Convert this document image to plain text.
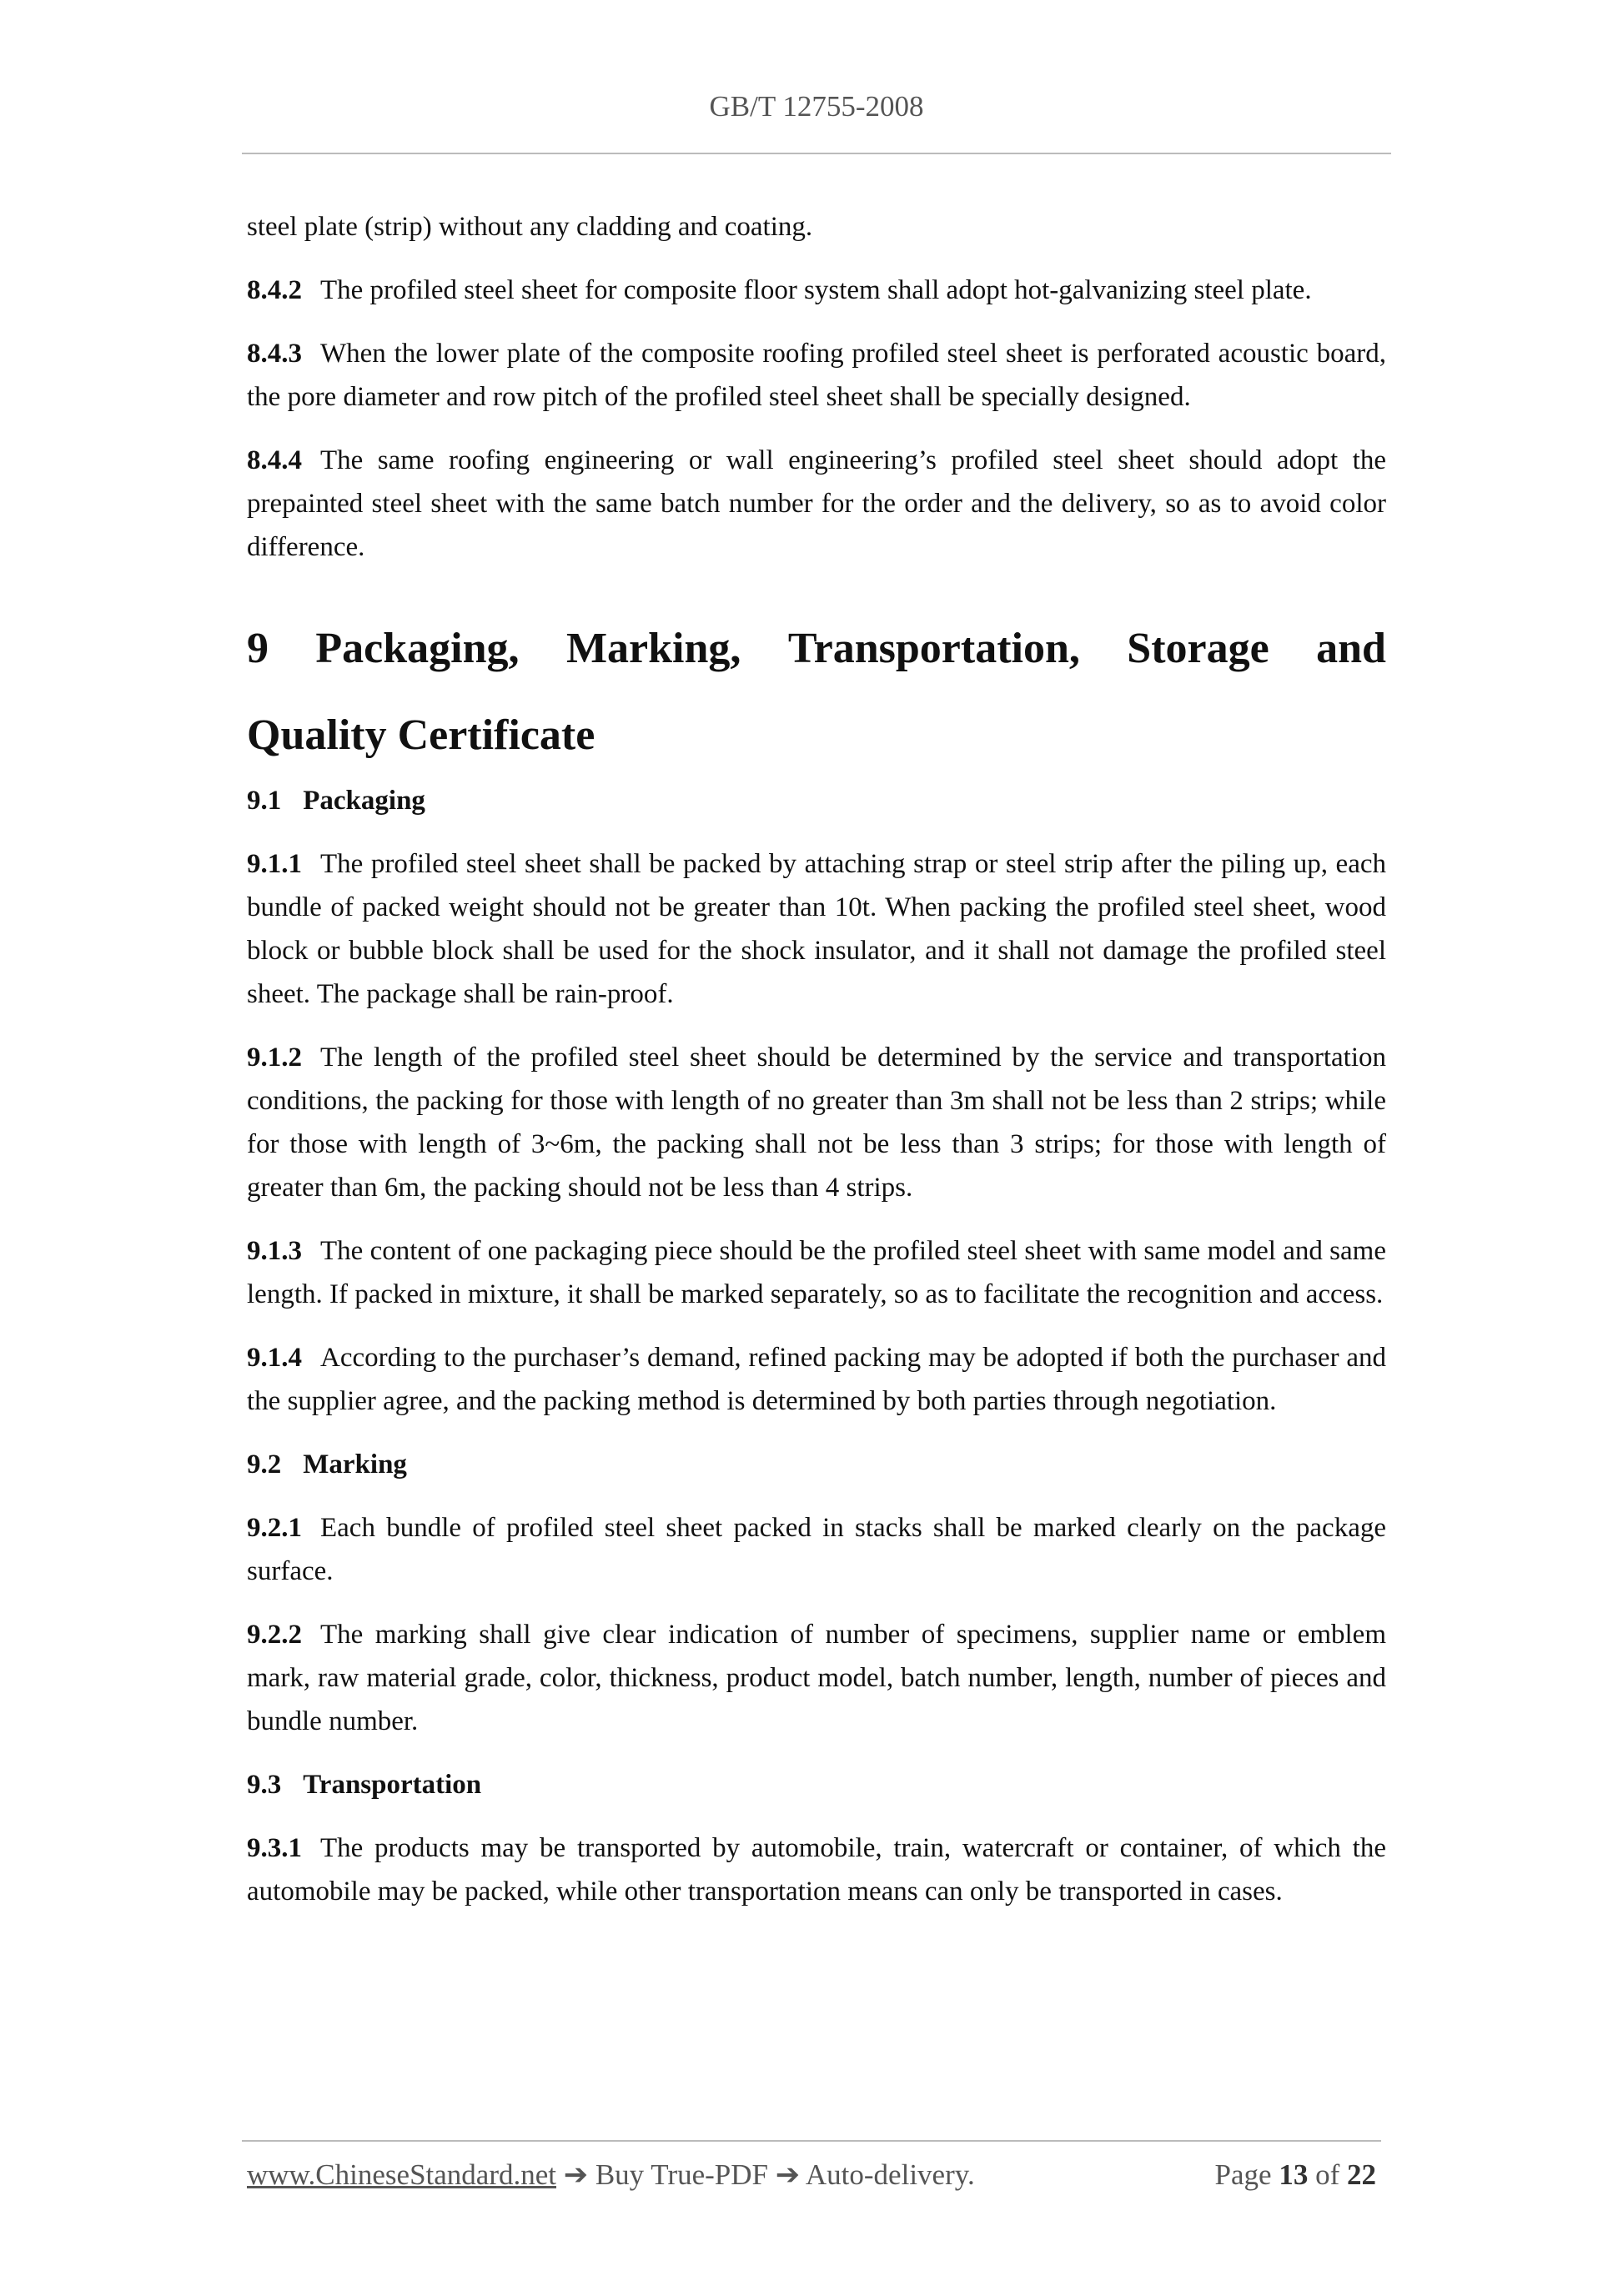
GB/T 12755-2008

steel plate (strip) without any cladding and coating.

8.4.2 The profiled steel sheet for composite floor system shall adopt hot-galvanizing steel plate.

8.4.3 When the lower plate of the composite roofing profiled steel sheet is perforated acoustic board, the pore diameter and row pitch of the profiled steel sheet shall be specially designed.

8.4.4 The same roofing engineering or wall engineering’s profiled steel sheet should adopt the prepainted steel sheet with the same batch number for the order and the delivery, so as to avoid color difference.

9 Packaging, Marking, Transportation, Storage and
Quality Certificate
9.1 Packaging

9.1.1 The profiled steel sheet shall be packed by attaching strap or steel strip after the piling up, each bundle of packed weight should not be greater than 10t. When packing the profiled steel sheet, wood block or bubble block shall be used for the shock insulator, and it shall not damage the profiled steel sheet. The package shall be rain-proof.

9.1.2 The length of the profiled steel sheet should be determined by the service and transportation conditions, the packing for those with length of no greater than 3m shall not be less than 2 strips; while for those with length of 3~6m, the packing shall not be less than 3 strips; for those with length of greater than 6m, the packing should not be less than 4 strips.

9.1.3 The content of one packaging piece should be the profiled steel sheet with same model and same length. If packed in mixture, it shall be marked separately, so as to facilitate the recognition and access.

9.1.4 According to the purchaser’s demand, refined packing may be adopted if both the purchaser and the supplier agree, and the packing method is determined by both parties through negotiation.

9.2 Marking

9.2.1 Each bundle of profiled steel sheet packed in stacks shall be marked clearly on the package surface.

9.2.2 The marking shall give clear indication of number of specimens, supplier name or emblem mark, raw material grade, color, thickness, product model, batch number, length, number of pieces and bundle number.

9.3 Transportation

9.3.1 The products may be transported by automobile, train, watercraft or container, of which the automobile may be packed, while other transportation means can only be transported in cases.

www.ChineseStandard.net ➔ Buy True-PDF ➔ Auto-delivery.	Page 13 of 22
